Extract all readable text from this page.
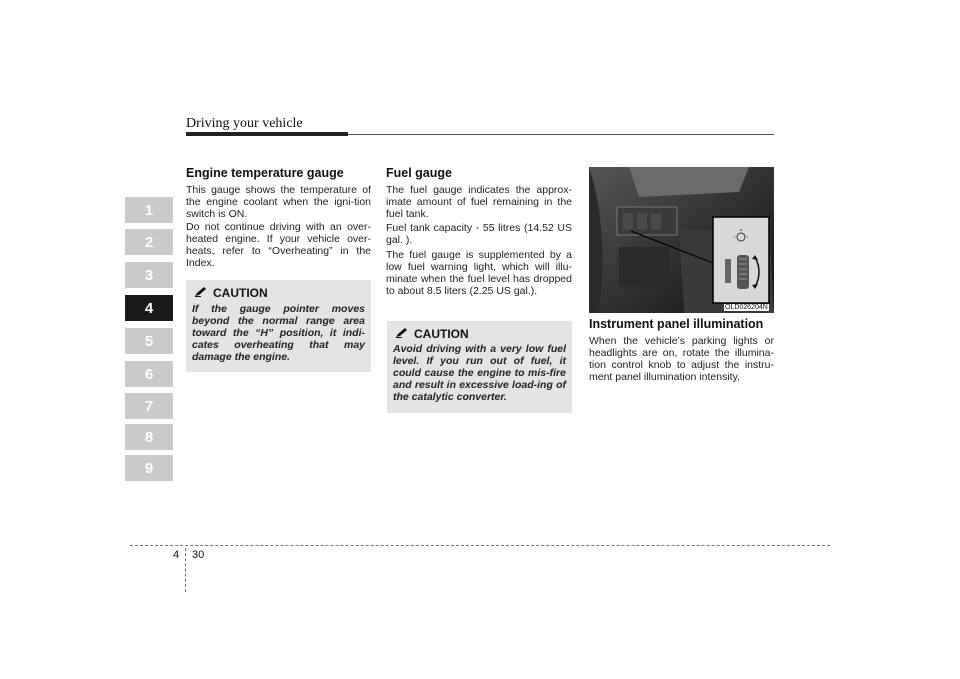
Driving your vehicle
1
2
3
4
5
6
7
8
9
Engine temperature gauge

This gauge shows the temperature of the engine coolant when the igni-tion switch is ON.

Do not continue driving with an over-heated engine. If your vehicle over-heats, refer to “Overheating” in the Index.

CAUTION

If the gauge pointer moves beyond the normal range area toward the “H” position, it indi-cates overheating that may damage the engine.

Fuel gauge

The fuel gauge indicates the approx-imate amount of fuel remaining in the fuel tank.

Fuel tank capacity - 55 litres (14.52 US gal. ).

The fuel gauge is supplemented by a low fuel warning light, which will illu-minate when the fuel level has dropped to about 8.5 liters (2.25 US gal.).

CAUTION

Avoid driving with a very low fuel level. If you run out of fuel, it could cause the engine to mis-fire and result in excessive load-ing of the catalytic converter.

OLD026204N
Instrument panel illumination

When the vehicle’s parking lights or headlights are on, rotate the illumina-tion control knob to adjust the instru-ment panel illumination intensity.

4 30
